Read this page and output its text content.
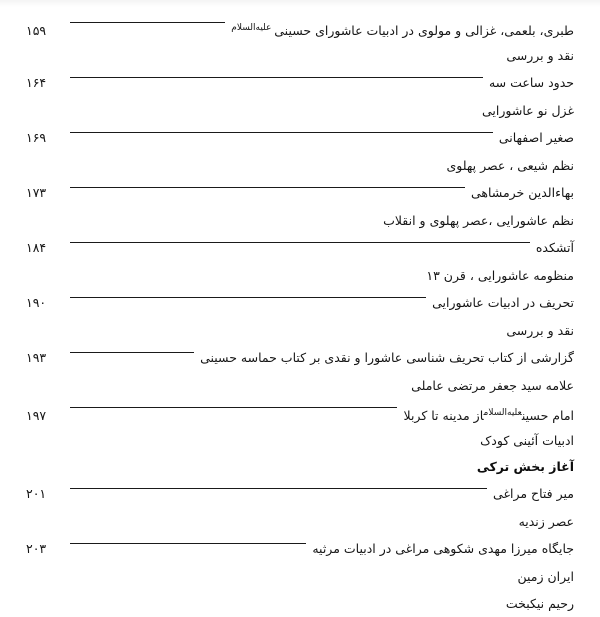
طبری، بلعمی، غزالی و مولوی در ادبیات عاشورای حسینی $^{علیه‌السلام}$
۱۵۹
نقد و بررسی
حدود ساعت سه
۱۶۴
غزل نو عاشورایی
صغیر اصفهانی
۱۶۹
نظم شیعی ، عصر پهلوی
بهاءالدین خرمشاهی
۱۷۳
نظم عاشورایی ،عصر پهلوی و انقلاب
آتشکده
۱۸۴
منظومه عاشورایی ، قرن ۱۳
تحریف در ادبیات عاشورایی
۱۹۰
نقد و بررسی
گزارشی از کتاب تحریف شناسی عاشورا و نقدی بر کتاب حماسه حسینی
۱۹۳
علامه سید جعفر مرتضی عاملی
امام حسین$^{علیه‌السلام}$از مدینه تا کربلا
۱۹۷
ادبیات آئینی کودک
آغاز بخش ترکی
میر فتاح مراغی
۲۰۱
عصر زندیه
جایگاه میرزا مهدی شکوهی مراغی در ادبیات مرثیه
۲۰۳
ایران زمین
رحیم نیکبخت
